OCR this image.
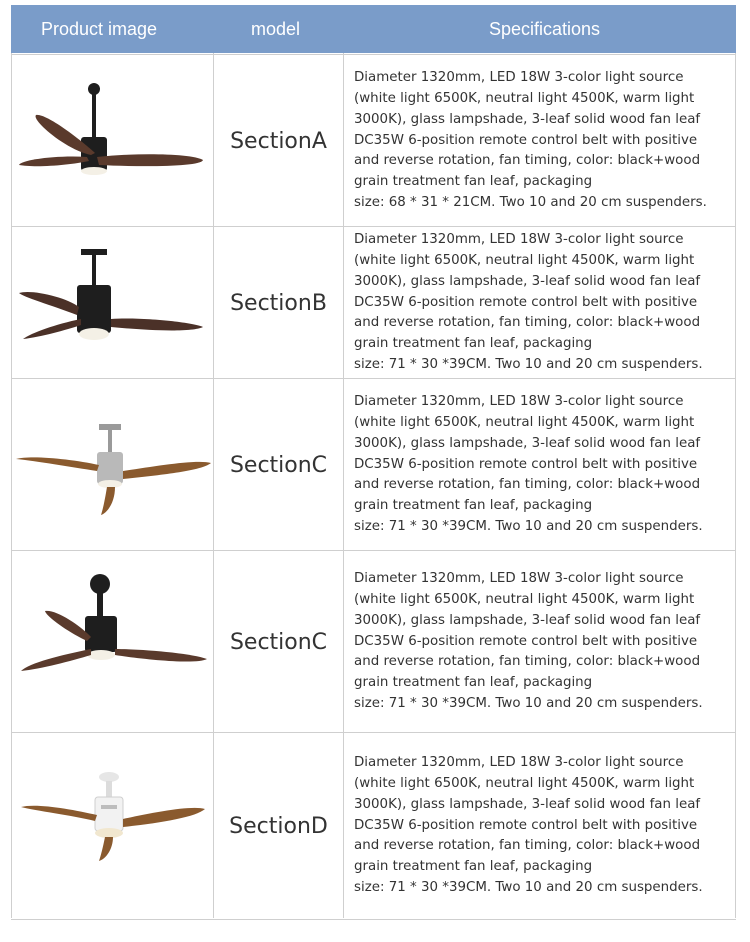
Product image	model	Specifications
SectionA

Diameter 1320mm, LED 18W 3-color light source
(white light 6500K, neutral light 4500K, warm light
3000K), glass lampshade, 3-leaf solid wood fan leaf
DC35W 6-position remote control belt with positive
and reverse rotation, fan timing, color: black+wood
grain treatment fan leaf, packaging
size: 68 * 31 * 21CM. Two 10 and 20 cm suspenders.

SectionB

Diameter 1320mm, LED 18W 3-color light source
(white light 6500K, neutral light 4500K, warm light
3000K), glass lampshade, 3-leaf solid wood fan leaf
DC35W 6-position remote control belt with positive
and reverse rotation, fan timing, color: black+wood
grain treatment fan leaf, packaging
size: 71 * 30 *39CM. Two 10 and 20 cm suspenders.

SectionC

Diameter 1320mm, LED 18W 3-color light source
(white light 6500K, neutral light 4500K, warm light
3000K), glass lampshade, 3-leaf solid wood fan leaf
DC35W 6-position remote control belt with positive
and reverse rotation, fan timing, color: black+wood
grain treatment fan leaf, packaging
size: 71 * 30 *39CM. Two 10 and 20 cm suspenders.

SectionC

Diameter 1320mm, LED 18W 3-color light source
(white light 6500K, neutral light 4500K, warm light
3000K), glass lampshade, 3-leaf solid wood fan leaf
DC35W 6-position remote control belt with positive
and reverse rotation, fan timing, color: black+wood
grain treatment fan leaf, packaging
size: 71 * 30 *39CM. Two 10 and 20 cm suspenders.

SectionD

Diameter 1320mm, LED 18W 3-color light source
(white light 6500K, neutral light 4500K, warm light
3000K), glass lampshade, 3-leaf solid wood fan leaf
DC35W 6-position remote control belt with positive
and reverse rotation, fan timing, color: black+wood
grain treatment fan leaf, packaging
size: 71 * 30 *39CM. Two 10 and 20 cm suspenders.
